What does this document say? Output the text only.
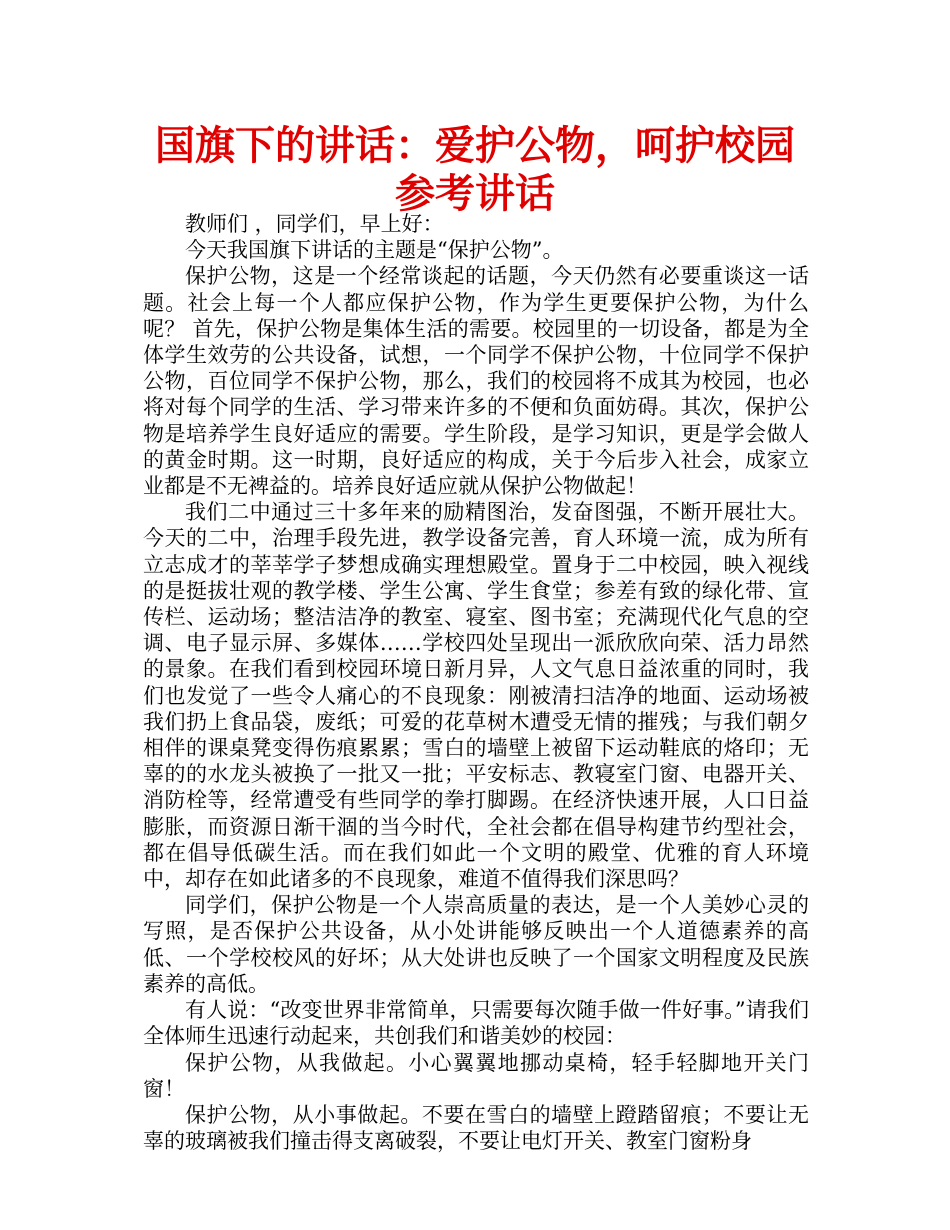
国旗下的讲话：爱护公物，呵护校园参考讲话

教师们 ，同学们，早上好：

今天我国旗下讲话的主题是“保护公物”。

保护公物，这是一个经常谈起的话题，今天仍然有必要重谈这一话题。社会上每一个人都应保护公物，作为学生更要保护公物，为什么呢？ 首先，保护公物是集体生活的需要。校园里的一切设备，都是为全体学生效劳的公共设备，试想，一个同学不保护公物，十位同学不保护公物，百位同学不保护公物，那么，我们的校园将不成其为校园，也必将对每个同学的生活、学习带来许多的不便和负面妨碍。其次，保护公物是培养学生良好适应的需要。学生阶段，是学习知识，更是学会做人的黄金时期。这一时期，良好适应的构成，关于今后步入社会，成家立业都是不无裨益的。培养良好适应就从保护公物做起！

我们二中通过三十多年来的励精图治，发奋图强，不断开展壮大。今天的二中，治理手段先进，教学设备完善，育人环境一流，成为所有立志成才的莘莘学子梦想成确实理想殿堂。置身于二中校园，映入视线的是挺拔壮观的教学楼、学生公寓、学生食堂；参差有致的绿化带、宣传栏、运动场；整洁洁净的教室、寝室、图书室；充满现代化气息的空调、电子显示屏、多媒体……学校四处呈现出一派欣欣向荣、活力昂然的景象。在我们看到校园环境日新月异，人文气息日益浓重的同时，我们也发觉了一些令人痛心的不良现象：刚被清扫洁净的地面、运动场被我们扔上食品袋，废纸；可爱的花草树木遭受无情的摧残；与我们朝夕相伴的课桌凳变得伤痕累累；雪白的墙壁上被留下运动鞋底的烙印；无辜的的水龙头被换了一批又一批；平安标志、教寝室门窗、电器开关、消防栓等，经常遭受有些同学的拳打脚踢。在经济快速开展，人口日益膨胀，而资源日渐干涸的当今时代，全社会都在倡导构建节约型社会，都在倡导低碳生活。而在我们如此一个文明的殿堂、优雅的育人环境中，却存在如此诸多的不良现象，难道不值得我们深思吗？

同学们，保护公物是一个人崇高质量的表达，是一个人美妙心灵的写照，是否保护公共设备，从小处讲能够反映出一个人道德素养的高低、一个学校校风的好坏；从大处讲也反映了一个国家文明程度及民族素养的高低。

有人说：“改变世界非常简单，只需要每次随手做一件好事。”请我们全体师生迅速行动起来，共创我们和谐美妙的校园：

保护公物，从我做起。小心翼翼地挪动桌椅，轻手轻脚地开关门窗！

保护公物，从小事做起。不要在雪白的墙壁上蹬踏留痕；不要让无辜的玻璃被我们撞击得支离破裂，不要让电灯开关、教室门窗粉身
